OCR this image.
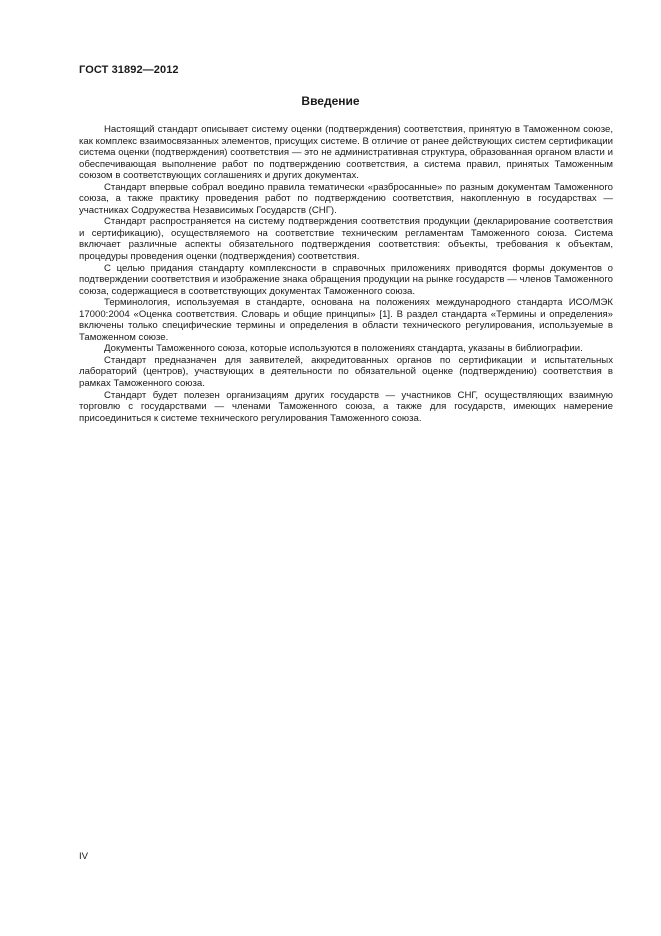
ГОСТ 31892—2012
Введение

Настоящий стандарт описывает систему оценки (подтверждения) соответствия, принятую в Таможенном союзе, как комплекс взаимосвязанных элементов, присущих системе. В отличие от ранее действующих систем сертификации система оценки (подтверждения) соответствия — это не административная структура, образованная органом власти и обеспечивающая выполнение работ по подтверждению соответствия, а система правил, принятых Таможенным союзом в соответствующих соглашениях и других документах.

Стандарт впервые собрал воедино правила тематически «разбросанные» по разным документам Таможенного союза, а также практику проведения работ по подтверждению соответствия, накопленную в государствах — участниках Содружества Независимых Государств (СНГ).

Стандарт распространяется на систему подтверждения соответствия продукции (декларирование соответствия и сертификацию), осуществляемого на соответствие техническим регламентам Таможенного союза. Система включает различные аспекты обязательного подтверждения соответствия: объекты, требования к объектам, процедуры проведения оценки (подтверждения) соответствия.

С целью придания стандарту комплексности в справочных приложениях приводятся формы документов о подтверждении соответствия и изображение знака обращения продукции на рынке государств — членов Таможенного союза, содержащиеся в соответствующих документах Таможенного союза.

Терминология, используемая в стандарте, основана на положениях международного стандарта ИСО/МЭК 17000:2004 «Оценка соответствия. Словарь и общие принципы» [1]. В раздел стандарта «Термины и определения» включены только специфические термины и определения в области технического регулирования, используемые в Таможенном союзе.

Документы Таможенного союза, которые используются в положениях стандарта, указаны в библиографии.

Стандарт предназначен для заявителей, аккредитованных органов по сертификации и испытательных лабораторий (центров), участвующих в деятельности по обязательной оценке (подтверждению) соответствия в рамках Таможенного союза.

Стандарт будет полезен организациям других государств — участников СНГ, осуществляющих взаимную торговлю с государствами — членами Таможенного союза, а также для государств, имеющих намерение присоединиться к системе технического регулирования Таможенного союза.

IV
